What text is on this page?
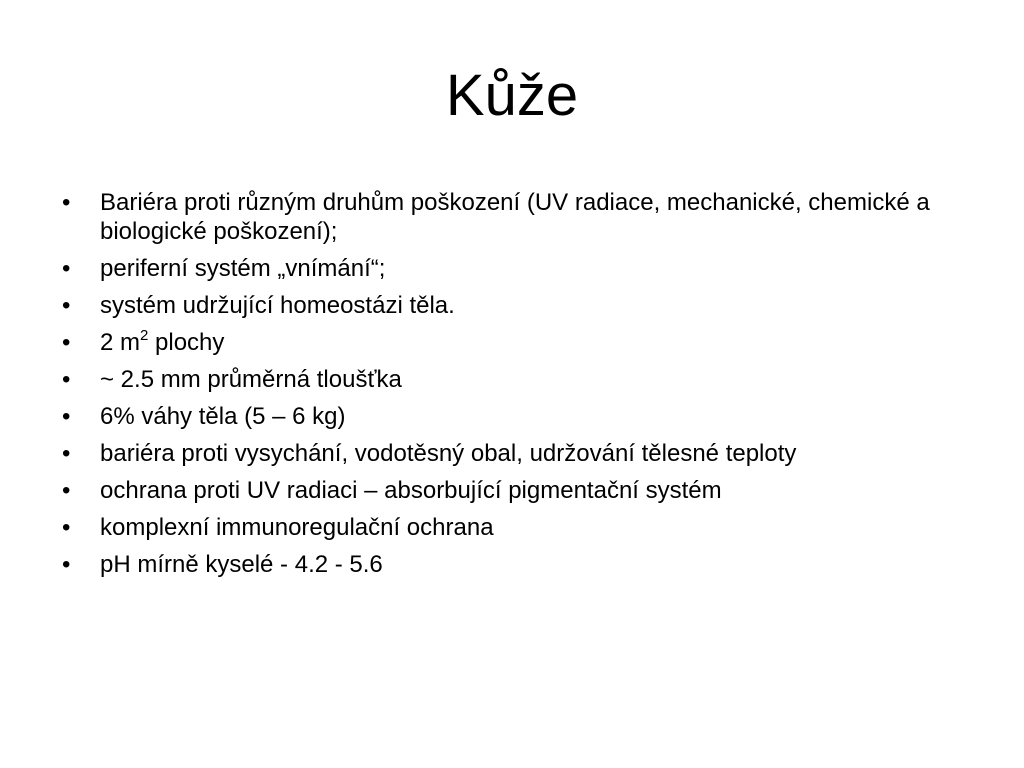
Kůže
•	Bariéra proti různým druhům poškození (UV radiace, mechanické, chemické a biologické poškození);
•	periferní systém „vnímání“;
•	systém udržující homeostázi těla.
•	2 $m^2$ plochy
•	~ 2.5 mm průměrná tloušťka
•	6% váhy těla (5 – 6 kg)
•	bariéra proti vysychání, vodotěsný obal, udržování tělesné teploty
•	ochrana proti UV radiaci – absorbující pigmentační systém
•	komplexní immunoregulační ochrana
•	pH mírně kyselé - 4.2 - 5.6
